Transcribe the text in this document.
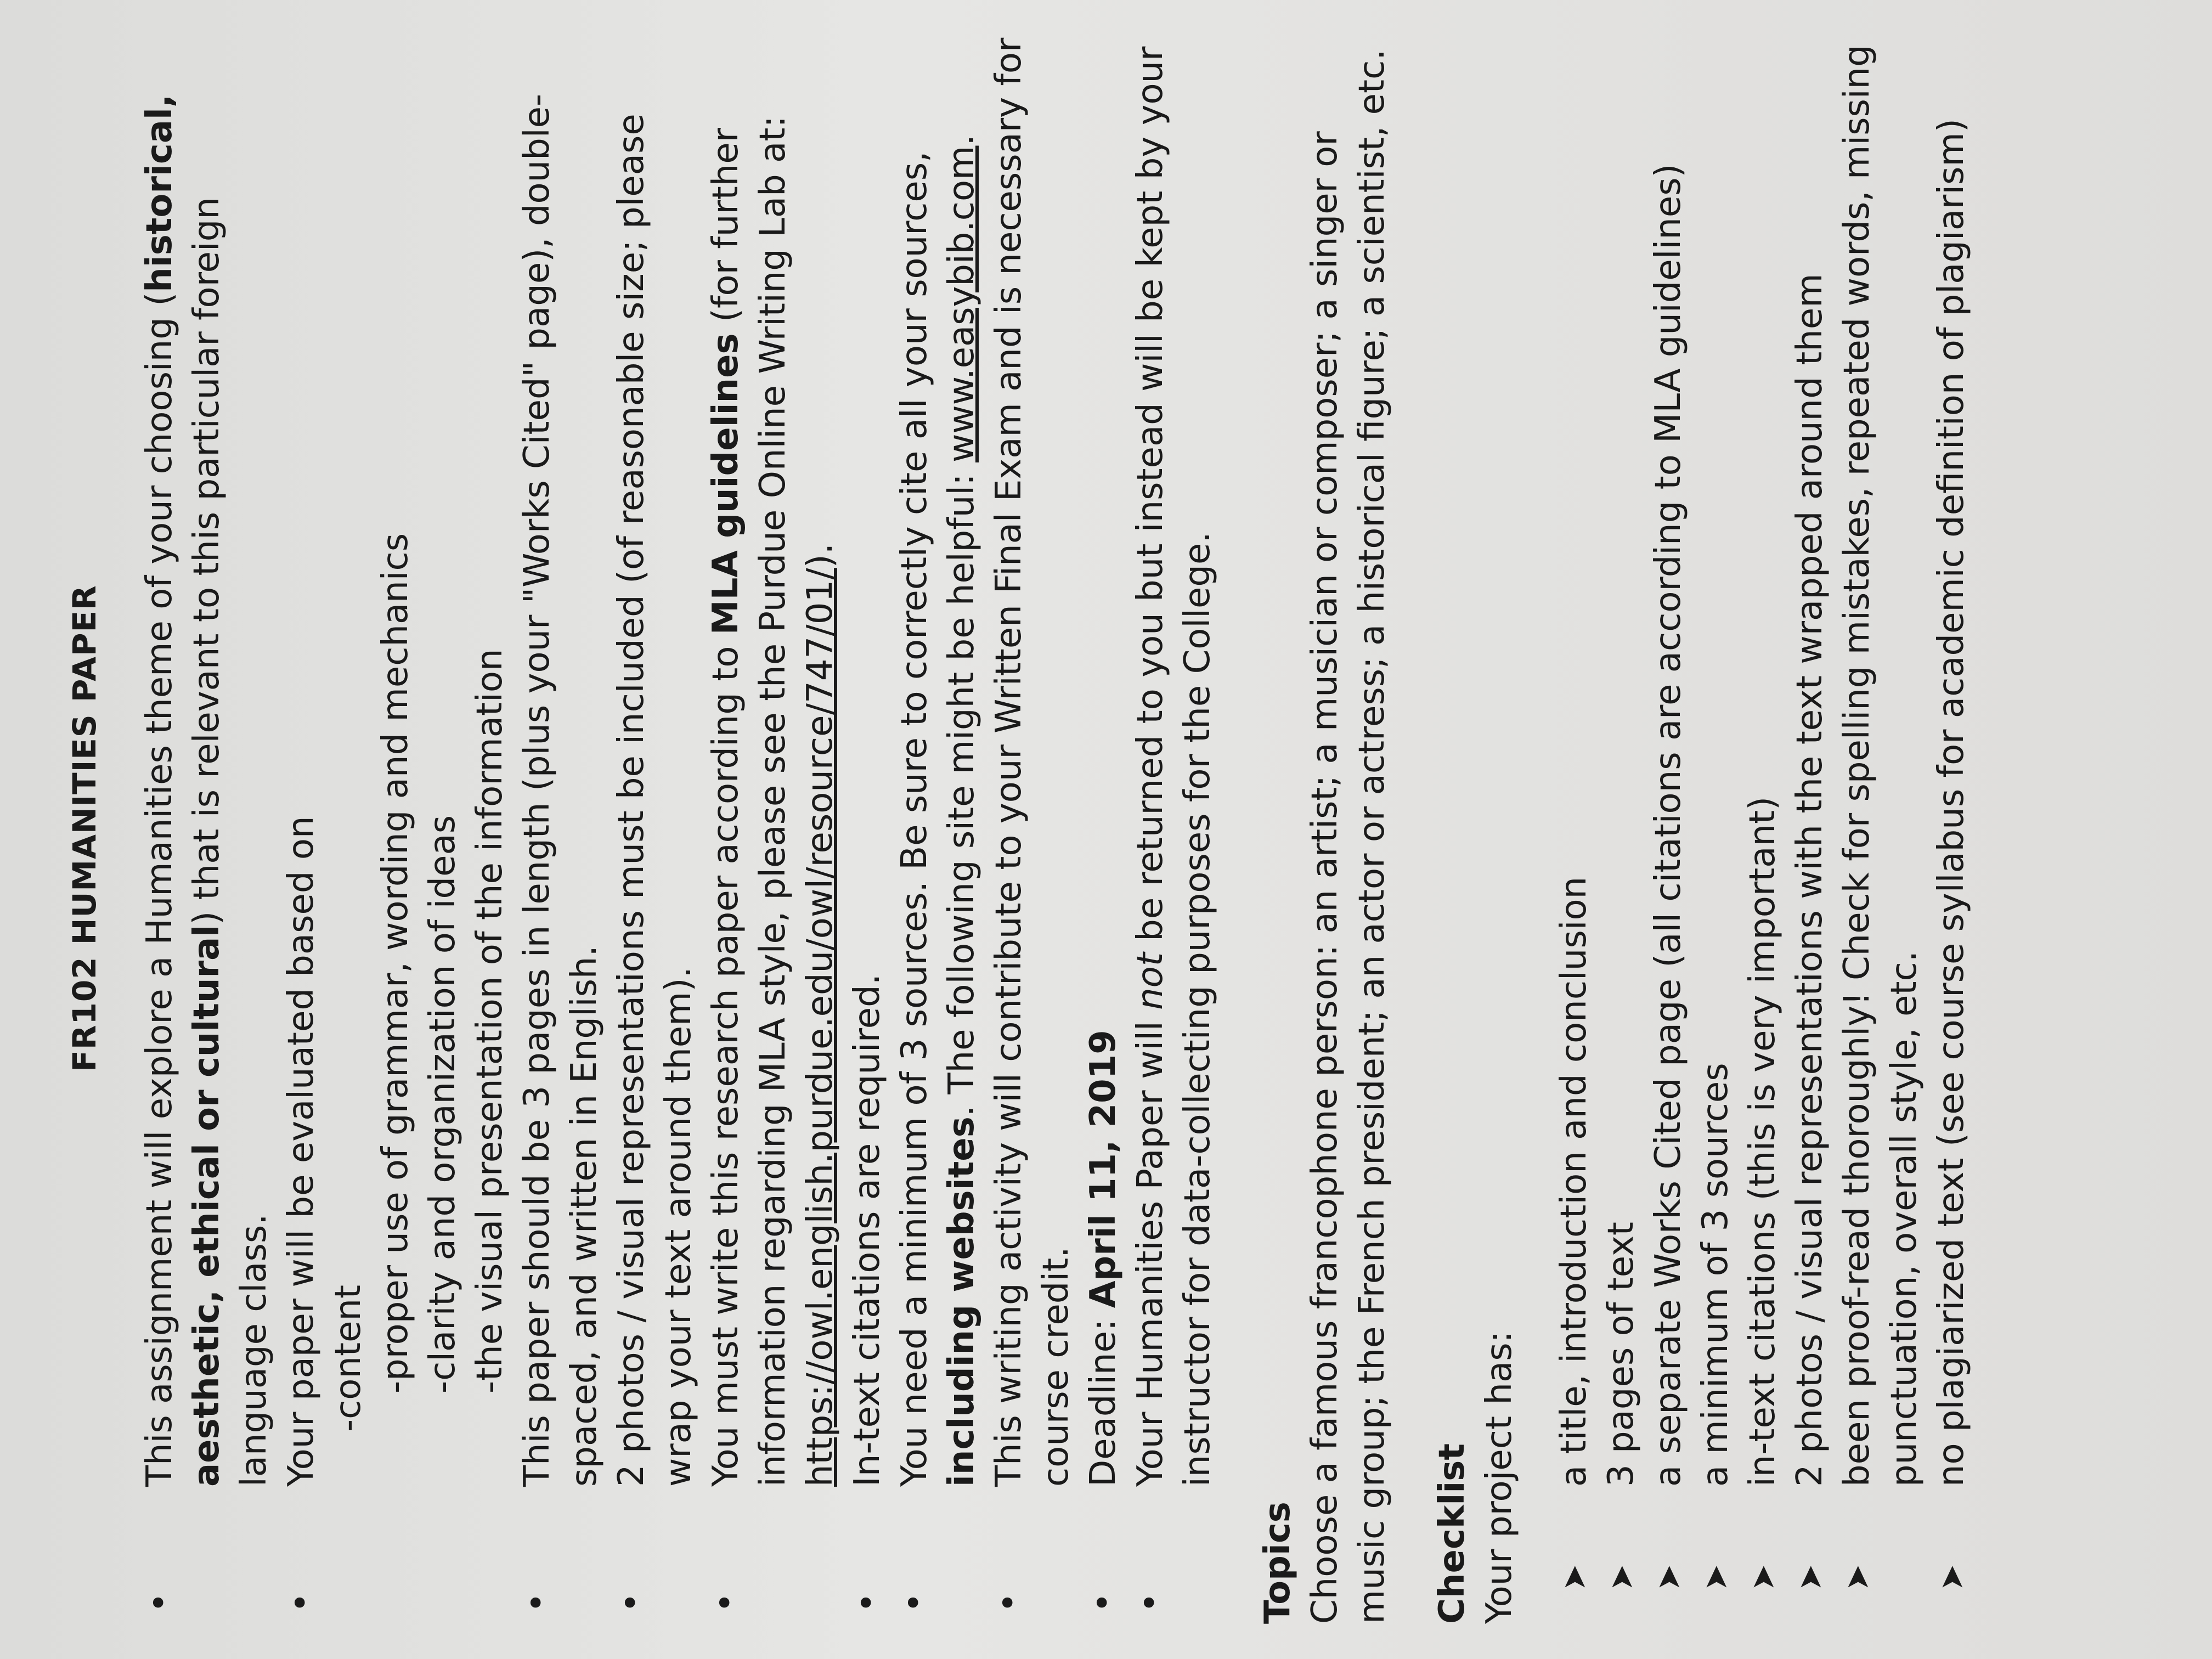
FR102 HUMANITIES PAPER
•
This assignment will explore a Humanities theme of your choosing (historical, aesthetic, ethical or cultural) that is relevant to this particular foreign language class.
•
Your paper will be evaluated based on -content -proper use of grammar, wording and mechanics -clarity and organization of ideas -the visual presentation of the information
•
This paper should be 3 pages in length (plus your "Works Cited" page), double-spaced, and written in English.
•
2 photos / visual representations must be included (of reasonable size; please wrap your text around them).
•
You must write this research paper according to MLA guidelines (for further information regarding MLA style, please see the Purdue Online Writing Lab at: https://owl.english.purdue.edu/owl/resource/747/01/).
•
In-text citations are required.
•
You need a minimum of 3 sources. Be sure to correctly cite all your sources, including websites. The following site might be helpful: www.easybib.com.
•
This writing activity will contribute to your Written Final Exam and is necessary for course credit.
•
Deadline: April 11, 2019
•
Your Humanities Paper will not be returned to you but instead will be kept by your instructor for data-collecting purposes for the College.
Topics Choose a famous francophone person: an artist; a musician or composer; a singer or music group; the French president; an actor or actress; a historical figure; a scientist, etc. Checklist Your project has: ➤
a title, introduction and conclusion
➤
3 pages of text
➤
a separate Works Cited page (all citations are according to MLA guidelines)
➤
a minimum of 3 sources
➤
in-text citations (this is very important)
➤
2 photos / visual representations with the text wrapped around them
➤
been proof-read thoroughly! Check for spelling mistakes, repeated words, missing punctuation, overall style, etc.
➤
no plagiarized text (see course syllabus for academic definition of plagiarism)
